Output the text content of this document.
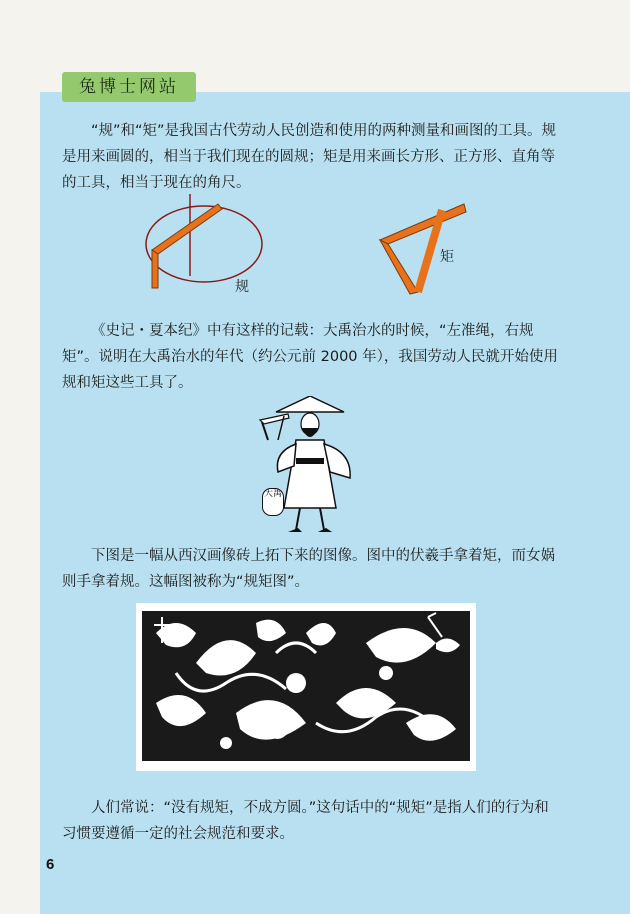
兔博士网站

“规”和“矩”是我国古代劳动人民创造和使用的两种测量和画图的工具。规是用来画圆的，相当于我们现在的圆规；矩是用来画长方形、正方形、直角等的工具，相当于现在的角尺。

规
矩

《史记・夏本纪》中有这样的记载：大禹治水的时候，“左准绳，右规矩”。说明在大禹治水的年代（约公元前 2000 年），我国劳动人民就开始使用规和矩这些工具了。

大禹

下图是一幅从西汉画像砖上拓下来的图像。图中的伏羲手拿着矩，而女娲则手拿着规。这幅图被称为“规矩图”。

人们常说：“没有规矩，不成方圆。”这句话中的“规矩”是指人们的行为和习惯要遵循一定的社会规范和要求。

6
